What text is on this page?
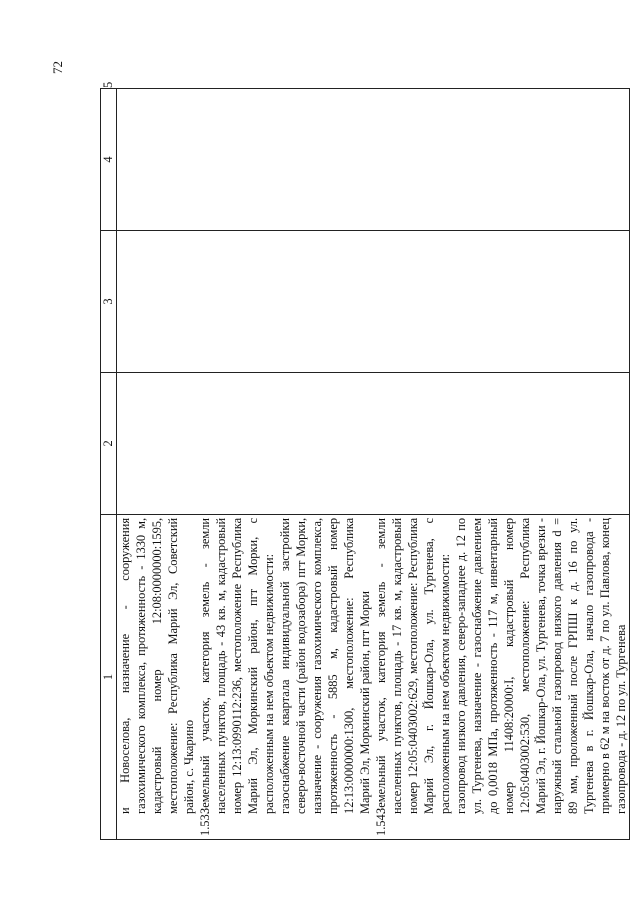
72
1	2	3	4	5

и Новоселова, назначение - сооружения газохимического комплекса, протяженность - 1330 м, кадастровый номер 12:08:0000000:1595, местоположение: Республика Марий Эл, Советский район, с. Чкарино

1.53.Земельный участок, категория земель - земли населенных пунктов, площадь - 43 кв. м, кадастровый номер 12:13:0990112:236, местоположение Республика Марий Эл, Моркинский район, пгт Морки, с расположенным на нем объектом недвижимости: газоснабжение квартала индивидуальной застройки северо-восточной части (район водозабора) пгт Морки, назначение - сооружения газохимического комплекса, протяженность - 5885 м, кадастровый номер 12:13:0000000:1300, местоположение: Республика Марий Эл, Моркинский район, пгт Морки

1.54.Земельный участок, категория земель - земли населенных пунктов, площадь - 17 кв. м, кадастровый номер 12:05:0403002:629, местоположение: Республика Марий Эл, г. Йошкар-Ола, ул. Тургенева, с расположенным на нем объектом недвижимости: газопровод низкого давления, северо-западнее д. 12 по ул. Тургенева, назначение - газоснабжение давлением до 0,0018 МПа, протяженность - 117 м, инвентарный номер 11408:20000:I, кадастровый номер 12:05:0403002:530, местоположение: Республика Марий Эл, г. Йошкар-Ола, ул. Тургенева, точка врезки - наружный стальной газопровод низкого давления d = 89 мм, проложенный после ГРПШ к д. 16 по ул. Тургенева в г. Йошкар-Ола, начало газопровода - примерно в 62 м на восток от д. 7 по ул. Павлова, конец газопровода - д. 12 по ул. Тургенева				
